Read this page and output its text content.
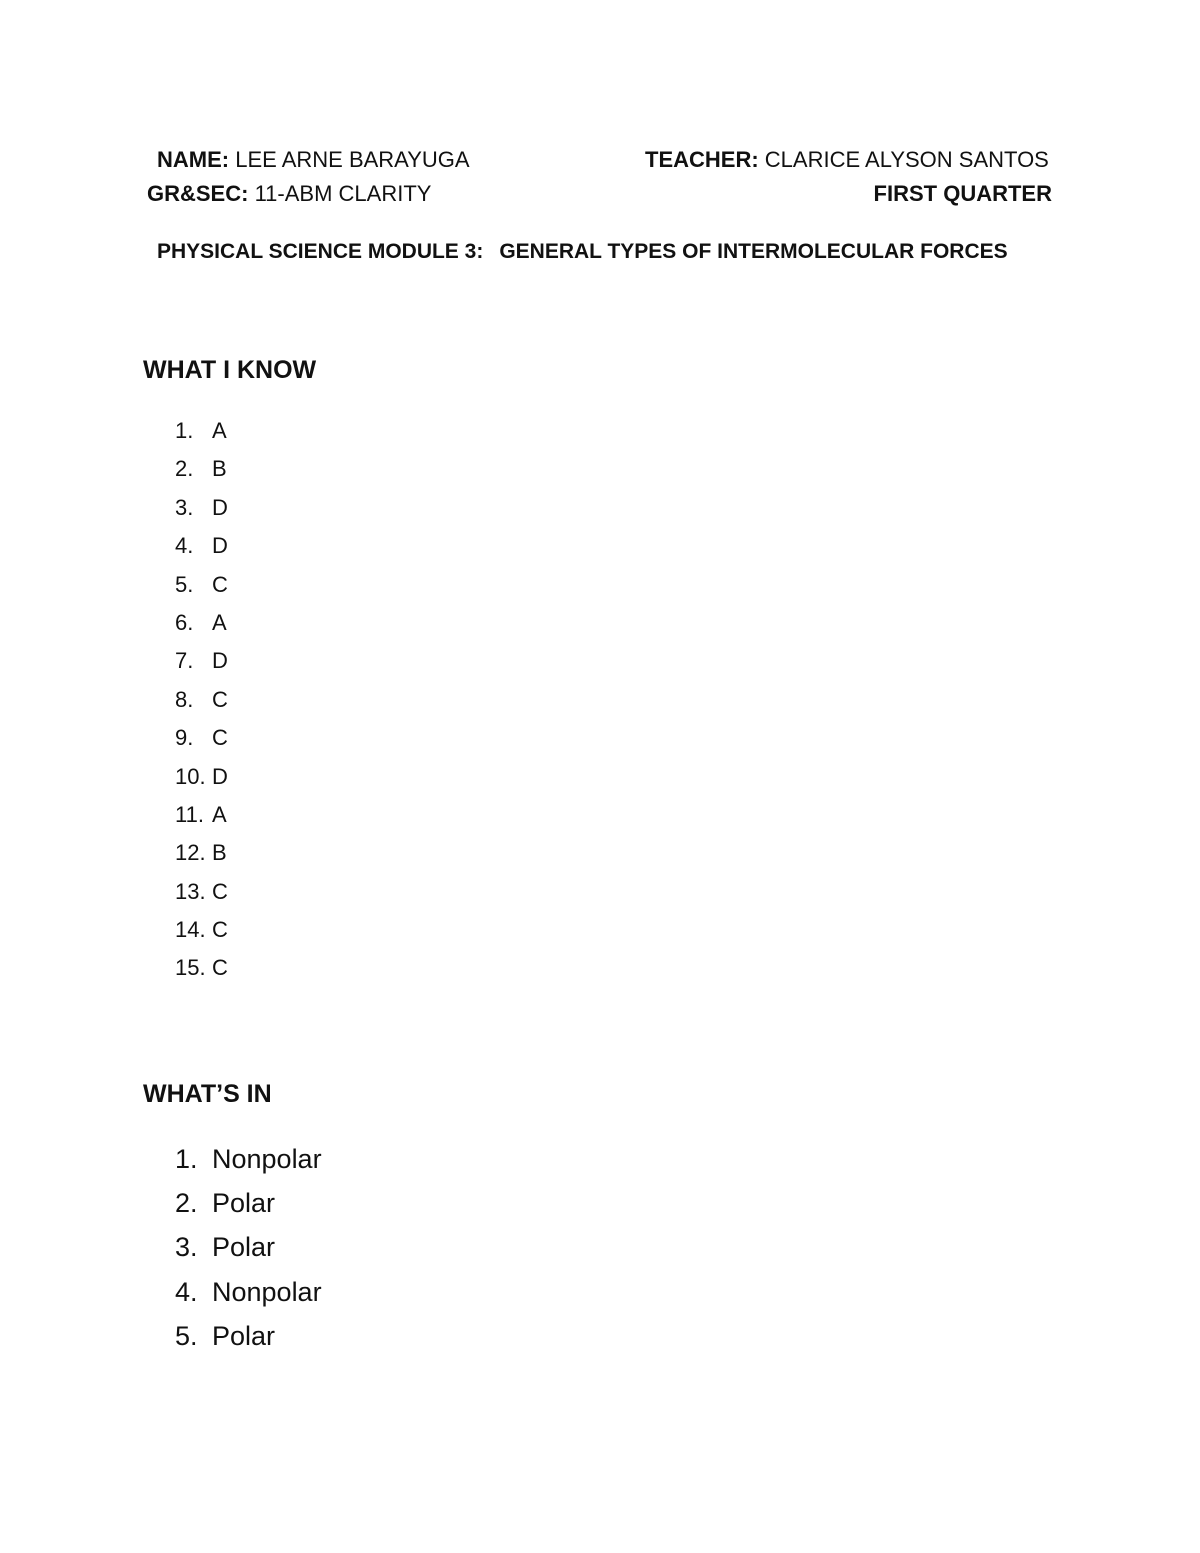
NAME: LEE ARNE BARAYUGA
GR&SEC: 11-ABM CLARITY
TEACHER: CLARICE ALYSON SANTOS
FIRST QUARTER
PHYSICAL SCIENCE MODULE 3: GENERAL TYPES OF INTERMOLECULAR FORCES
WHAT I KNOW
1. A
2. B
3. D
4. D
5. C
6. A
7. D
8. C
9. C
10. D
11. A
12. B
13. C
14. C
15. C
WHAT’S IN
1. Nonpolar
2. Polar
3. Polar
4. Nonpolar
5. Polar
